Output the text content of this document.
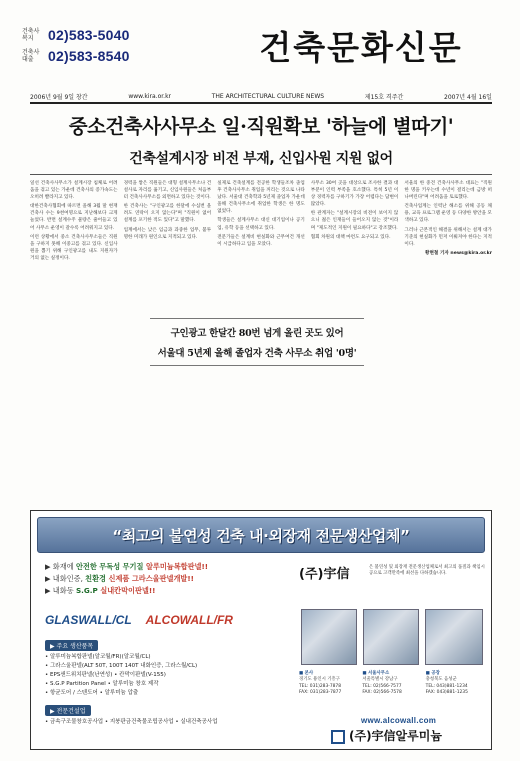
건축사
복지	02)583-5040
건축사
대출	02)583-8540	건축문화신문
2006년 9월 9일 창간	www.kira.or.kr	THE ARCHITECTURAL CULTURE NEWS	제15호 격주간	2007년 4월 16일
중소건축사사무소 일·직원확보 '하늘에 별따기'
건축설계시장 비전 부재, 신입사원 지원 없어

일선 건축사사무소가 설계시장 침체로 어려움을 겪고 있는 가운데 건축사의 증가속도는 오히려 빨라지고 있다.

대한건축사협회에 따르면 올해 3월 말 현재 건축사 수는 9천여명으로 지난해보다 크게 늘었다. 반면 설계수주 물량은 줄어들고 있어 사무소 운영이 갈수록 어려워지고 있다.

이런 상황에서 중소 건축사사무소들은 직원을 구하지 못해 이중고를 겪고 있다. 신입사원을 뽑기 위해 구인광고를 내도 지원자가 거의 없는 실정이다.

경력을 쌓은 직원들은 대형 설계사무소나 건설사로 자리를 옮기고, 신입사원들은 처음부터 건축사사무소를 외면하고 있다는 것이다.

한 건축사는 "구인광고를 한달에 수십번 올려도 연락이 오지 않는다"며 "직원이 없어 설계를 포기한 적도 있다"고 말했다.

업계에서는 낮은 임금과 과중한 업무, 불투명한 미래가 원인으로 지적되고 있다.

실제로 건축설계를 전공한 학생들조차 졸업 후 건축사사무소 취업을 꺼리는 것으로 나타났다. 서울대 건축학과 5년제 졸업자 가운데 올해 건축사무소에 취업한 학생은 한 명도 없었다.

학생들은 설계사무소 대신 대기업이나 공기업, 유학 등을 선택하고 있다.

전문가들은 설계비 현실화와 근무여건 개선이 시급하다고 입을 모았다.

사무소 30여 곳을 대상으로 조사한 결과 대부분이 인력 부족을 호소했다. 특히 5년 이상 경력자를 구하기가 가장 어렵다는 답변이 많았다.

한 관계자는 "설계시장의 비전이 보이지 않으니 젊은 인재들이 들어오지 않는 것"이라며 "제도적인 지원이 필요하다"고 강조했다.

협회 차원의 대책 마련도 요구되고 있다.

서울의 한 중견 건축사사무소 대표는 "직원 한 명을 키우는데 수년이 걸리는데 금방 떠나버린다"며 어려움을 토로했다.

건축사업계는 인력난 해소를 위해 공동 채용, 교육 프로그램 운영 등 다양한 방안을 모색하고 있다.

그러나 근본적인 해결을 위해서는 설계 대가 기준의 현실화가 먼저 이뤄져야 한다는 지적이다.

황현철 기자 news@kira.or.kr

구인광고 한달간 80번 넘게 올린 곳도 있어
서울대 5년제 올해 졸업자 건축 사무소 취업 '0명'
“최고의 불연성 건축 내·외장재 전문생산업체”
▶ 화재에 안전한 무독성 무기질 알루미늄복합판넬!!
▶ 내화인증, 친환경 신제품 그라스울판넬개발!!
▶ 내화동 S.G.P 실내칸막이판넬!!
(주)宇信	은 불연성 및 외장재 전문생산업체로서 최고의 품질과 책임시공으로 고객만족에 최선을 다하겠습니다.
GLASWALL/CL ALCOWALL/FR
▶ 주요 생산품목
• 알루미늄복합판넬(알코월/FR)(알코월/CL)
• 그라스울판넬(ALT 50T, 100T 140T 내화인증, 그라스월/CL)
• EPS샌드위치판넬(난연성) • 칸막이판넬(V-155)
• S.G.P Partition Panel • 알루미늄 창호 제작
• 항균도어 / 스텐도어 • 알루미늄 압출
▶ 전문건설업
• 금속구조물창호공사업 • 지붕판금건축물조립공사업 • 실내건축공사업
■ 본사
경기도 용인시 기흥구
TEL: 031)283-7878
FAX: 031)283-7877
■ 서울사무소
서울특별시 강남구
TEL: 02)566-7577
FAX: 02)566-7578
■ 공장
충청북도 음성군
TEL: 043)881-1234
FAX: 043)881-1235
www.alcowall.com
(주)宇信알루미늄
